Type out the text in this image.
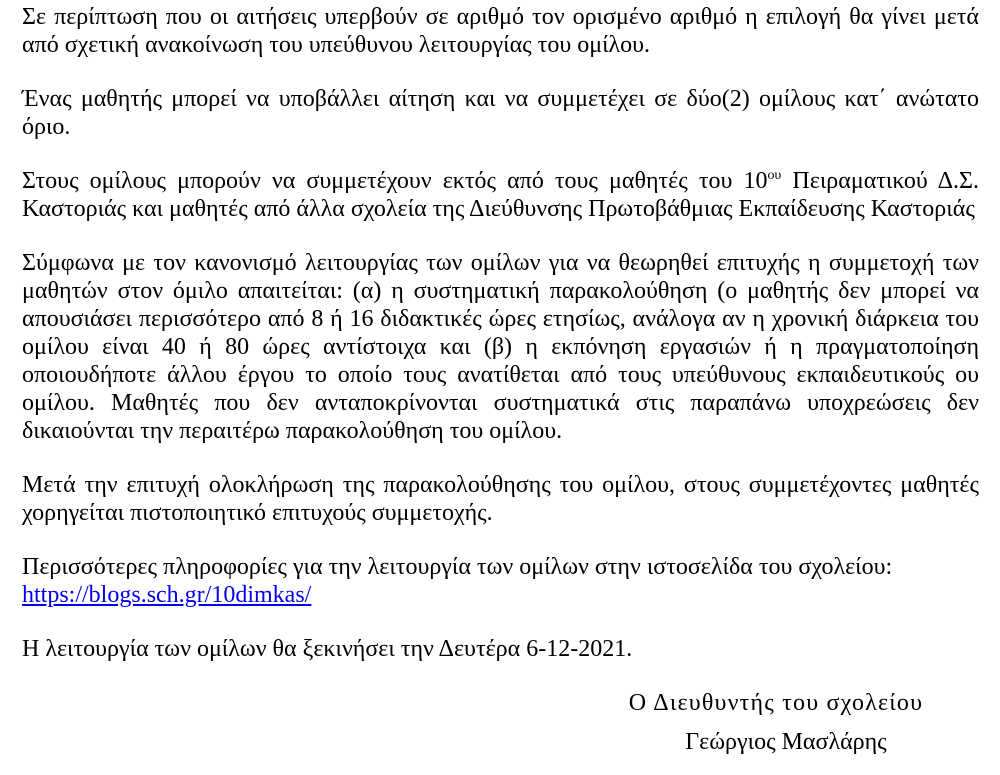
Σε περίπτωση που οι αιτήσεις υπερβούν σε αριθμό τον ορισμένο αριθμό η επιλογή θα γίνει μετά από σχετική ανακοίνωση του υπεύθυνου λειτουργίας του ομίλου.

Ένας μαθητής μπορεί να υποβάλλει αίτηση και να συμμετέχει σε δύο(2) ομίλους κατ΄ ανώτατο όριο.

Στους ομίλους μπορούν να συμμετέχουν εκτός από τους μαθητές του $10^{o\upsilon}$ Πειραματικού Δ.Σ. Καστοριάς και μαθητές από άλλα σχολεία της Διεύθυνσης Πρωτοβάθμιας Εκπαίδευσης Καστοριάς

Σύμφωνα με τον κανονισμό λειτουργίας των ομίλων για να θεωρηθεί επιτυχής η συμμετοχή των μαθητών στον όμιλο απαιτείται: (α) η συστηματική παρακολούθηση (ο μαθητής δεν μπορεί να απουσιάσει περισσότερο από 8 ή 16 διδακτικές ώρες ετησίως, ανάλογα αν η χρονική διάρκεια του ομίλου είναι 40 ή 80 ώρες αντίστοιχα και (β) η εκπόνηση εργασιών ή η πραγματοποίηση οποιουδήποτε άλλου έργου το οποίο τους ανατίθεται από τους υπεύθυνους εκπαιδευτικούς ου ομίλου. Μαθητές που δεν ανταποκρίνονται συστηματικά στις παραπάνω υποχρεώσεις δεν δικαιούνται την περαιτέρω παρακολούθηση του ομίλου.

Μετά την επιτυχή ολοκλήρωση της παρακολούθησης του ομίλου, στους συμμετέχοντες μαθητές χορηγείται πιστοποιητικό επιτυχούς συμμετοχής.

Περισσότερες πληροφορίες για την λειτουργία των ομίλων στην ιστοσελίδα του σχολείου:

https://blogs.sch.gr/10dimkas/

Η λειτουργία των ομίλων θα ξεκινήσει την Δευτέρα 6-12-2021.

Ο Διευθυντής του σχολείου
Γεώργιος Μασλάρης
